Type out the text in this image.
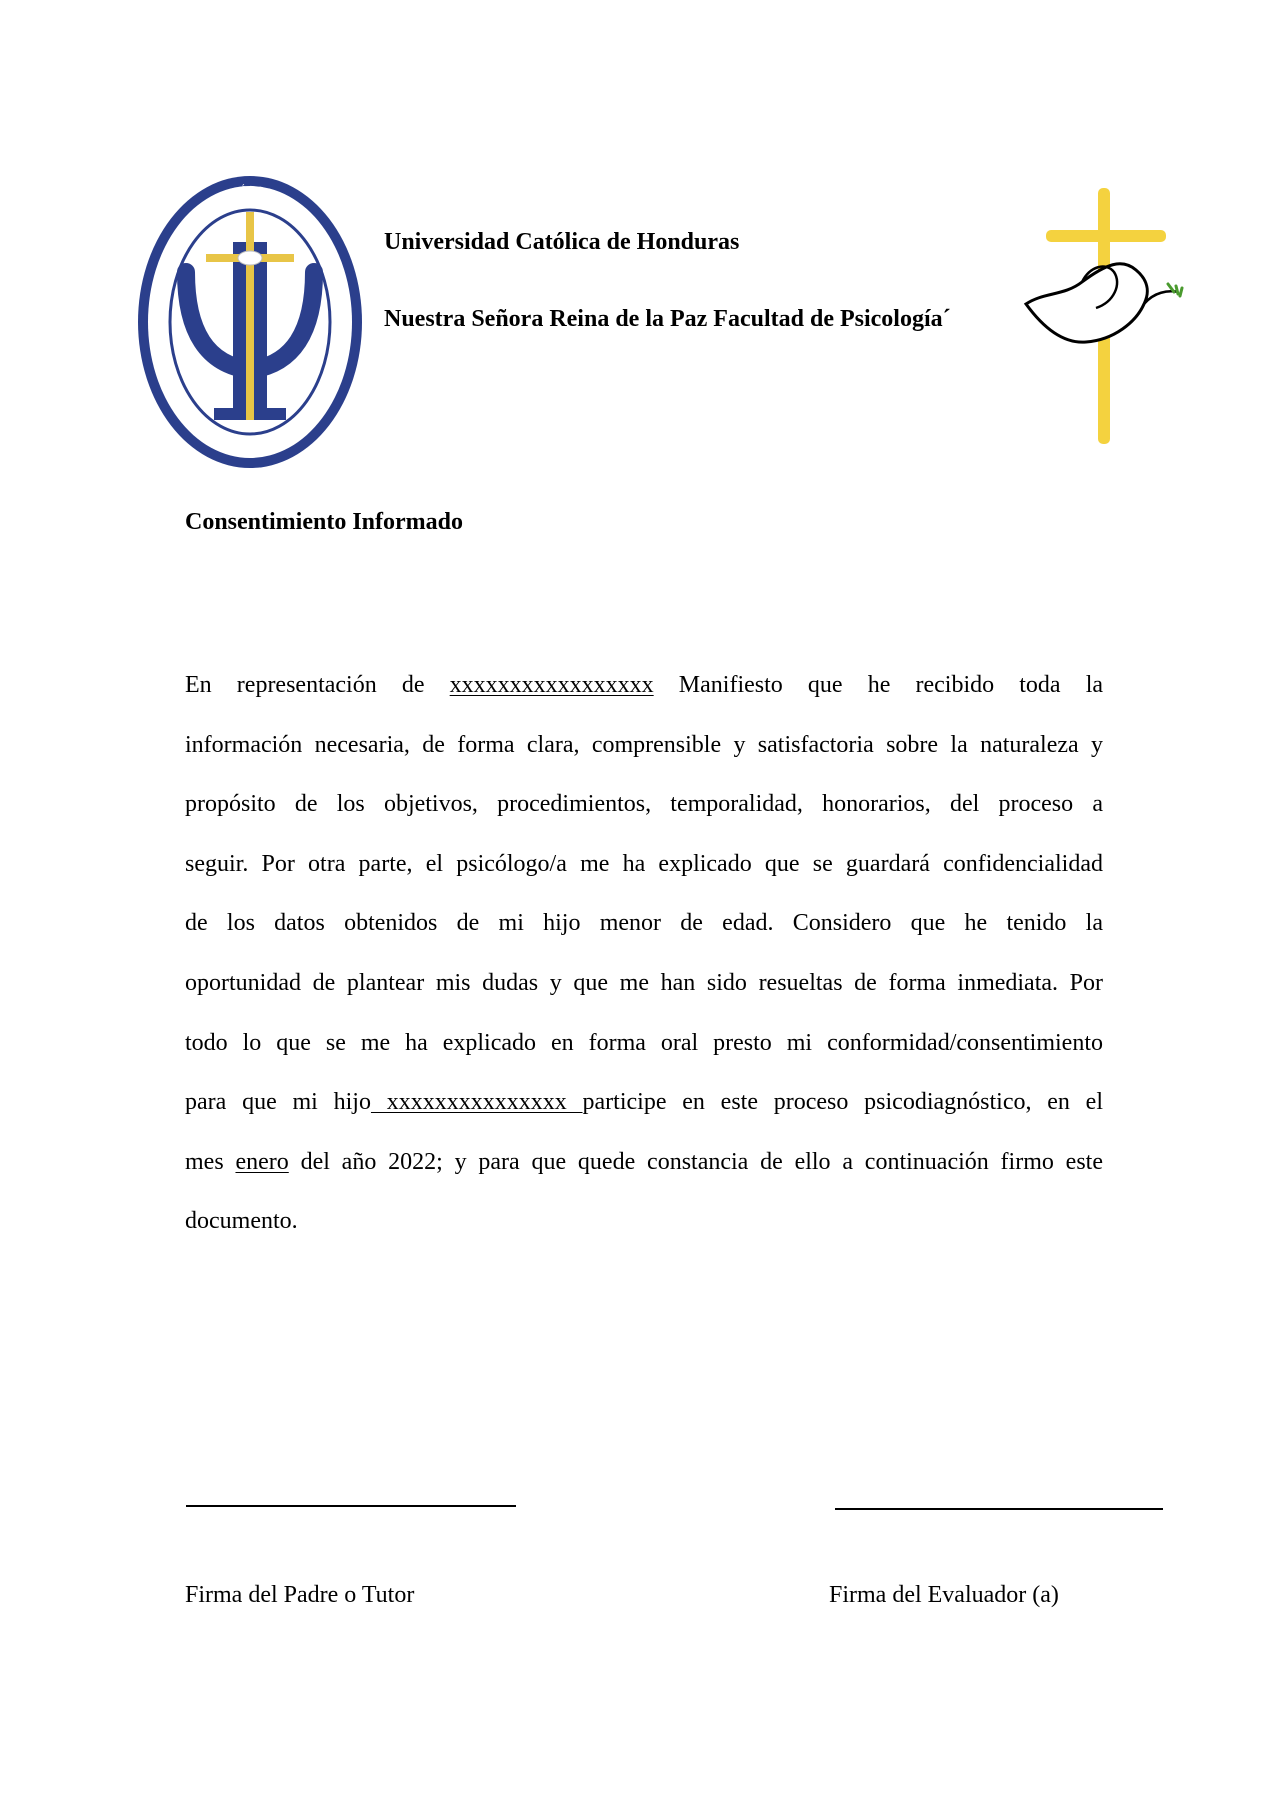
UNIVERSIDAD CATÓLICA DE HONDURAS
FACULTAD DE PSICOLOGÍA
Universidad Católica de Honduras
Nuestra Señora Reina de la Paz Facultad de Psicología´
Consentimiento Informado
En representación de xxxxxxxxxxxxxxxxx Manifiesto que he recibido toda la
información necesaria, de forma clara, comprensible y satisfactoria sobre la naturaleza y
propósito de los objetivos, procedimientos, temporalidad, honorarios, del proceso a
seguir. Por otra parte, el psicólogo/a me ha explicado que se guardará confidencialidad
de los datos obtenidos de mi hijo menor de edad. Considero que he tenido la
oportunidad de plantear mis dudas y que me han sido resueltas de forma inmediata. Por
todo lo que se me ha explicado en forma oral presto mi conformidad/consentimiento
para que mi hijo xxxxxxxxxxxxxxx participe en este proceso psicodiagnóstico, en el
mes enero del año 2022; y para que quede constancia de ello a continuación firmo este
documento.
Firma del Padre o Tutor	Firma del Evaluador (a)
